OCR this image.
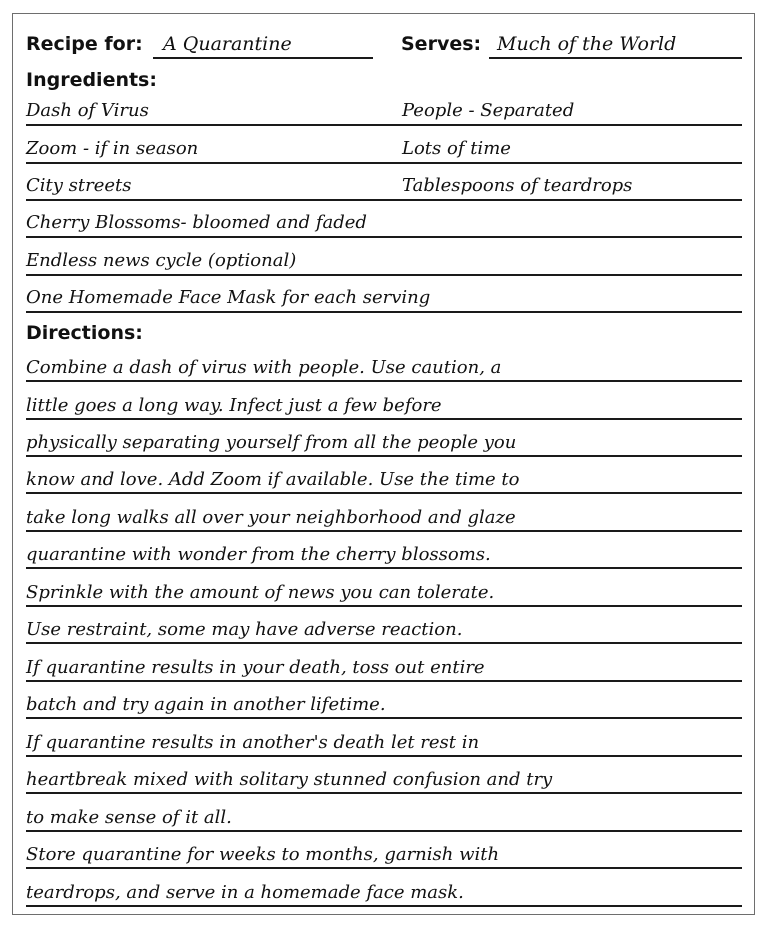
Recipe for: A Quarantine	Serves: Much of the World
Ingredients:
Dash of Virus	People - Separated
Zoom - if in season	Lots of time
City streets	Tablespoons of teardrops
Cherry Blossoms- bloomed and faded
Endless news cycle (optional)
One Homemade Face Mask for each serving
Directions:
Combine a dash of virus with people. Use caution, a
little goes a long way. Infect just a few before
physically separating yourself from all the people you
know and love. Add Zoom if available. Use the time to
take long walks all over your neighborhood and glaze
quarantine with wonder from the cherry blossoms.
Sprinkle with the amount of news you can tolerate.
Use restraint, some may have adverse reaction.
If quarantine results in your death, toss out entire
batch and try again in another lifetime.
If quarantine results in another's death let rest in
heartbreak mixed with solitary stunned confusion and try
to make sense of it all.
Store quarantine for weeks to months, garnish with
teardrops, and serve in a homemade face mask.
